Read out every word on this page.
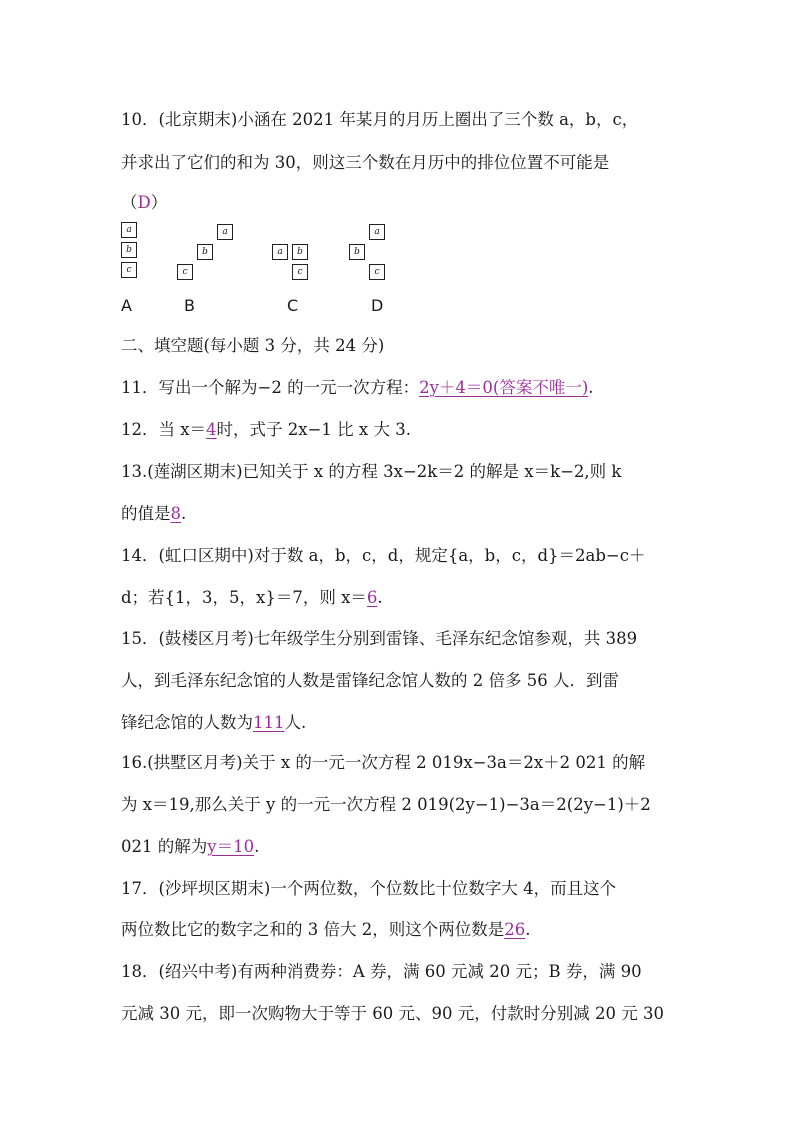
10．(北京期末)小涵在 2021 年某月的月历上圈出了三个数 a，b，c，
并求出了它们的和为 30，则这三个数在月历中的排位位置不可能是
（D）
a
b
c
a
b
c
a	b
c
a
b
c
A	B	C	D
二、填空题(每小题 3 分，共 24 分)
11．写出一个解为−2 的一元一次方程：2y＋4＝0(答案不唯一).
12．当 x＝4时，式子 2x−1 比 x 大 3.
13.(莲湖区期末)已知关于 x 的方程 3x−2k＝2 的解是 x＝k−2,则 k
的值是8.
14．(虹口区期中)对于数 a，b，c，d，规定{a，b，c，d}＝2ab−c＋
d；若{1，3，5，x}＝7，则 x＝6.
15．(鼓楼区月考)七年级学生分别到雷锋、毛泽东纪念馆参观，共 389
人，到毛泽东纪念馆的人数是雷锋纪念馆人数的 2 倍多 56 人．到雷
锋纪念馆的人数为111人.
16.(拱墅区月考)关于 x 的一元一次方程 2 019x−3a＝2x＋2 021 的解
为 x＝19,那么关于 y 的一元一次方程 2 019(2y−1)−3a＝2(2y−1)＋2
021 的解为y＝10.
17．(沙坪坝区期末)一个两位数，个位数比十位数字大 4，而且这个
两位数比它的数字之和的 3 倍大 2，则这个两位数是26.
18．(绍兴中考)有两种消费券：A 券，满 60 元减 20 元；B 券，满 90
元减 30 元，即一次购物大于等于 60 元、90 元，付款时分别减 20 元 30
